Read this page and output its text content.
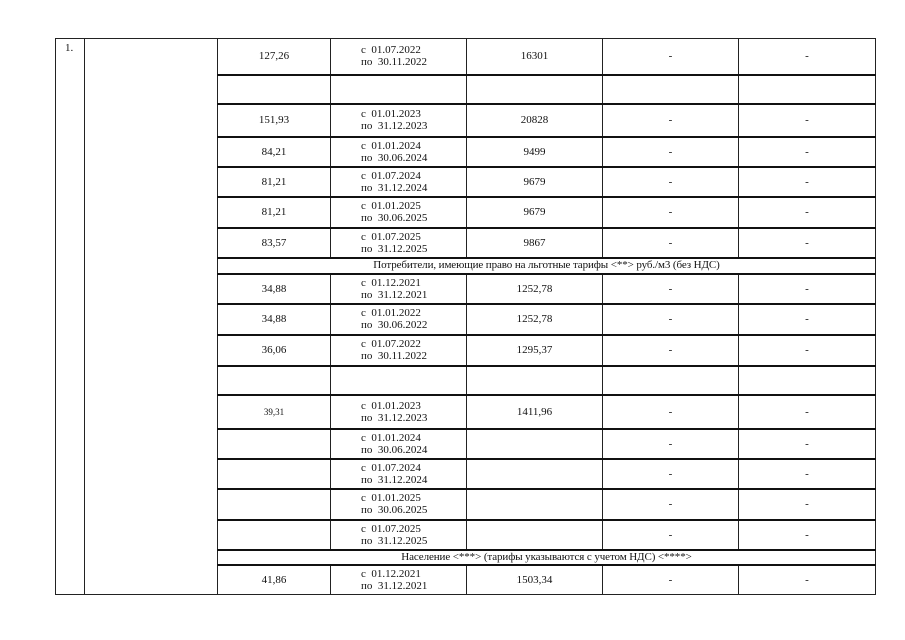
1.		127,26	с  01.07.2022
по  30.11.2022	16301	-	-

		151,93	с  01.01.2023
по  31.12.2023	20828	-	-
		84,21	с  01.01.2024
по  30.06.2024	9499	-	-
		81,21	с  01.07.2024
по  31.12.2024	9679	-	-
		81,21	с  01.01.2025
по  30.06.2025	9679	-	-
		83,57	с  01.07.2025
по  31.12.2025	9867	-	-
		Потребители, имеющие право на льготные тарифы <**> руб./м3 (без НДС)				
		34,88	с  01.12.2021
по  31.12.2021	1252,78	-	-
		34,88	с  01.01.2022
по  30.06.2022	1252,78	-	-
		36,06	с  01.07.2022
по  30.11.2022	1295,37	-	-

		39,31	с  01.01.2023
по  31.12.2023	1411,96	-	-

			с  01.01.2024
по  30.06.2024		-	-

			с  01.07.2024
по  31.12.2024		-	-

			с  01.01.2025
по  30.06.2025		-	-

			с  01.07.2025
по  31.12.2025		-	-
		Население <***> (тарифы указываются с учетом НДС) <****>				
		41,86	с  01.12.2021
по  31.12.2021	1503,34	-	-
